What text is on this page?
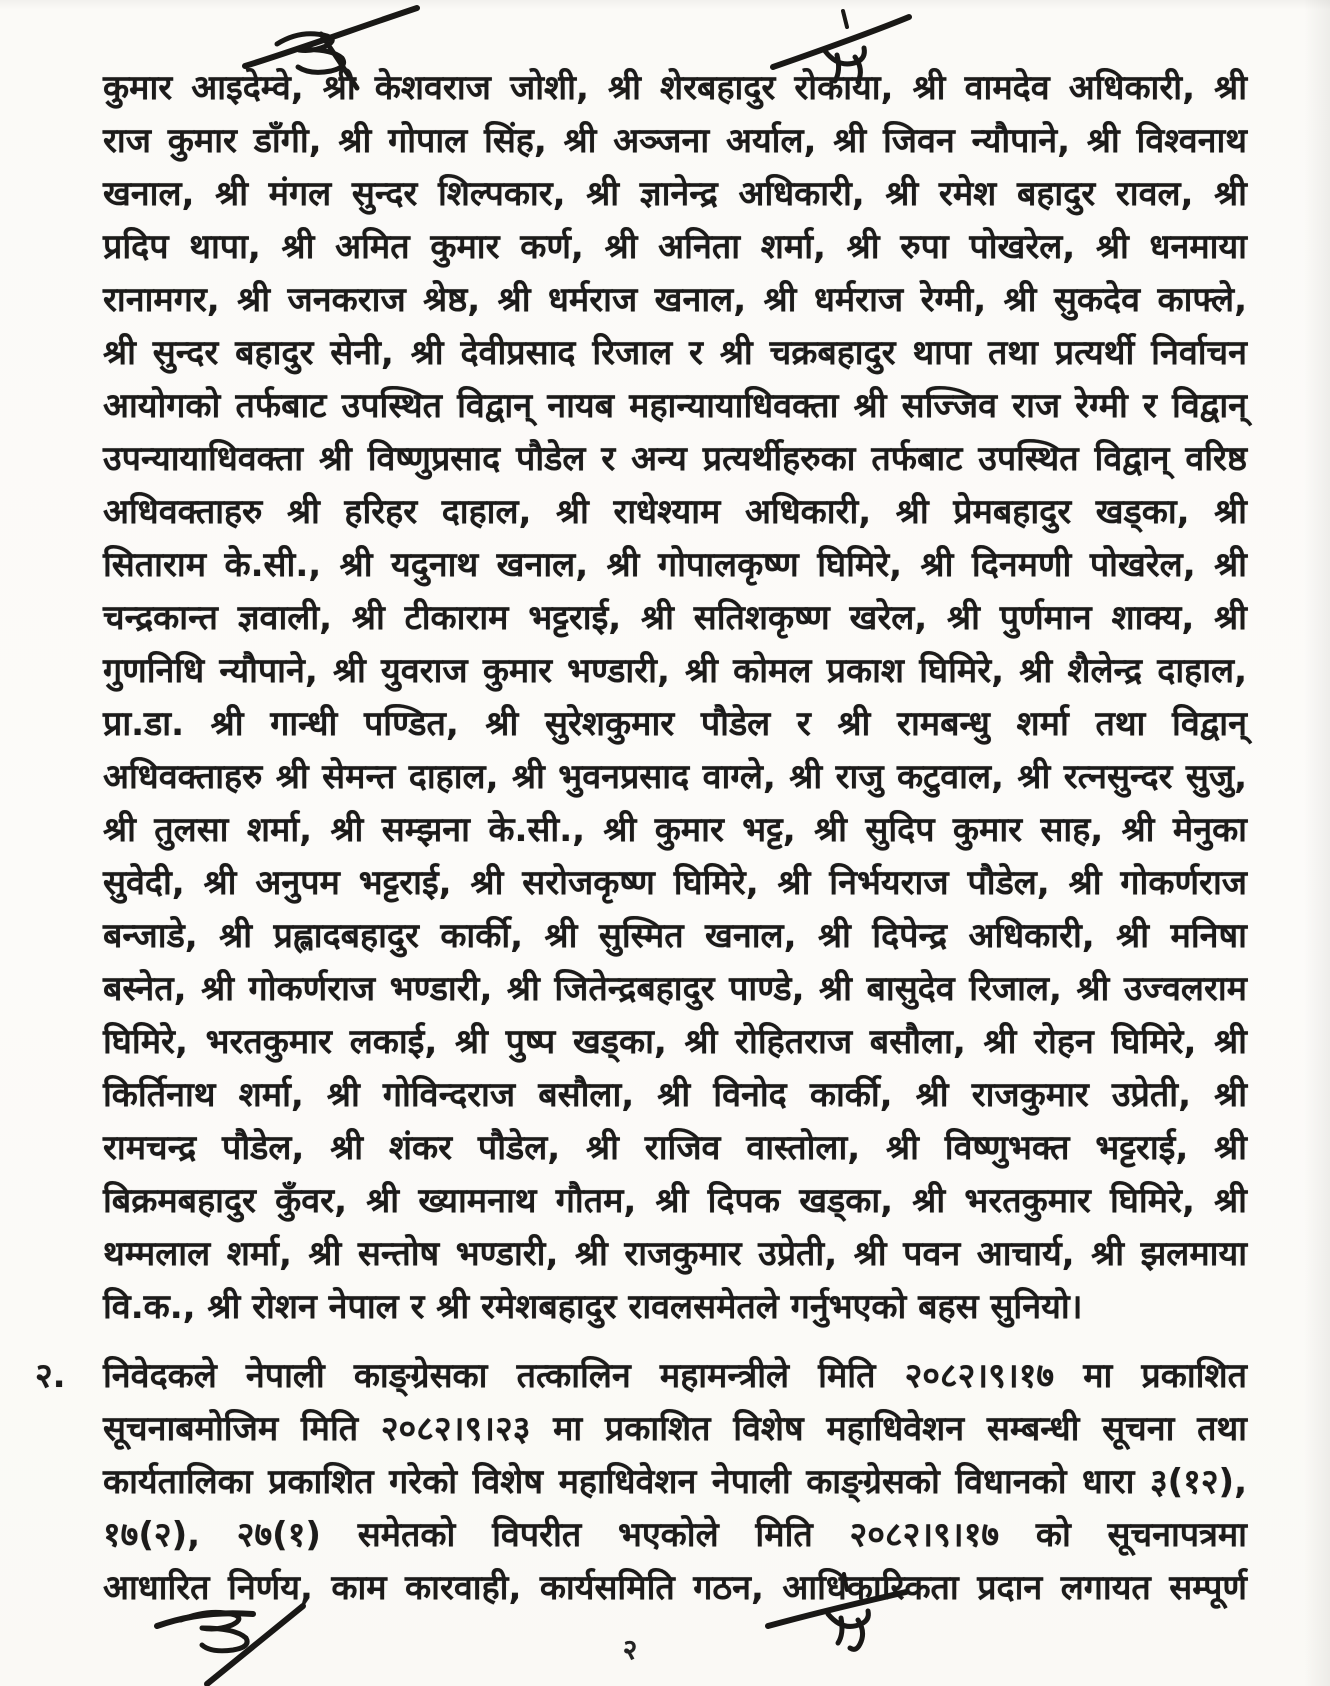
कुमार आइदेम्वे, श्री केशवराज जोशी, श्री शेरबहादुर रोकाया, श्री वामदेव अधिकारी, श्री
राज कुमार डाँगी, श्री गोपाल सिंह, श्री अञ्जना अर्याल, श्री जिवन न्यौपाने, श्री विश्वनाथ
खनाल, श्री मंगल सुन्दर शिल्पकार, श्री ज्ञानेन्द्र अधिकारी, श्री रमेश बहादुर रावल, श्री
प्रदिप थापा, श्री अमित कुमार कर्ण, श्री अनिता शर्मा, श्री रुपा पोखरेल, श्री धनमाया
रानामगर, श्री जनकराज श्रेष्ठ, श्री धर्मराज खनाल, श्री धर्मराज रेग्मी, श्री सुकदेव काफ्ले,
श्री सुन्दर बहादुर सेनी, श्री देवीप्रसाद रिजाल र श्री चक्रबहादुर थापा तथा प्रत्यर्थी निर्वाचन
आयोगको तर्फबाट उपस्थित विद्वान् नायब महान्यायाधिवक्ता श्री सज्जिव राज रेग्मी र विद्वान्
उपन्यायाधिवक्ता श्री विष्णुप्रसाद पौडेल र अन्य प्रत्यर्थीहरुका तर्फबाट उपस्थित विद्वान् वरिष्ठ
अधिवक्ताहरु श्री हरिहर दाहाल, श्री राधेश्याम अधिकारी, श्री प्रेमबहादुर खड्का, श्री
सिताराम के.सी., श्री यदुनाथ खनाल, श्री गोपालकृष्ण घिमिरे, श्री दिनमणी पोखरेल, श्री
चन्द्रकान्त ज्ञवाली, श्री टीकाराम भट्टराई, श्री सतिशकृष्ण खरेल, श्री पुर्णमान शाक्य, श्री
गुणनिधि न्यौपाने, श्री युवराज कुमार भण्डारी, श्री कोमल प्रकाश घिमिरे, श्री शैलेन्द्र दाहाल,
प्रा.डा. श्री गान्धी पण्डित, श्री सुरेशकुमार पौडेल र श्री रामबन्धु शर्मा तथा विद्वान्
अधिवक्ताहरु श्री सेमन्त दाहाल, श्री भुवनप्रसाद वाग्ले, श्री राजु कटुवाल, श्री रत्नसुन्दर सुजु,
श्री तुलसा शर्मा, श्री सम्झना के.सी., श्री कुमार भट्ट, श्री सुदिप कुमार साह, श्री मेनुका
सुवेदी, श्री अनुपम भट्टराई, श्री सरोजकृष्ण घिमिरे, श्री निर्भयराज पौडेल, श्री गोकर्णराज
बन्जाडे, श्री प्रह्लादबहादुर कार्की, श्री सुस्मित खनाल, श्री दिपेन्द्र अधिकारी, श्री मनिषा
बस्नेत, श्री गोकर्णराज भण्डारी, श्री जितेन्द्रबहादुर पाण्डे, श्री बासुदेव रिजाल, श्री उज्वलराम
घिमिरे, भरतकुमार लकाई, श्री पुष्प खड्का, श्री रोहितराज बसौला, श्री रोहन घिमिरे, श्री
किर्तिनाथ शर्मा, श्री गोविन्दराज बसौला, श्री विनोद कार्की, श्री राजकुमार उप्रेती, श्री
रामचन्द्र पौडेल, श्री शंकर पौडेल, श्री राजिव वास्तोला, श्री विष्णुभक्त भट्टराई, श्री
बिक्रमबहादुर कुँवर, श्री ख्यामनाथ गौतम, श्री दिपक खड्का, श्री भरतकुमार घिमिरे, श्री
थम्मलाल शर्मा, श्री सन्तोष भण्डारी, श्री राजकुमार उप्रेती, श्री पवन आचार्य, श्री झलमाया
वि.क., श्री रोशन नेपाल र श्री रमेशबहादुर रावलसमेतले गर्नुभएको बहस सुनियो।
२.	निवेदकले नेपाली काङ्ग्रेसका तत्कालिन महामन्त्रीले मिति २०८२।९।१७ मा प्रकाशित
सूचनाबमोजिम मिति २०८२।९।२३ मा प्रकाशित विशेष महाधिवेशन सम्बन्धी सूचना तथा
कार्यतालिका प्रकाशित गरेको विशेष महाधिवेशन नेपाली काङ्ग्रेसको विधानको धारा ३(१२),
१७(२), २७(१) समेतको विपरीत भएकोले मिति २०८२।९।१७ को सूचनापत्रमा
आधारित निर्णय, काम कारवाही, कार्यसमिति गठन, आधिकारिकता प्रदान लगायत सम्पूर्ण
२
